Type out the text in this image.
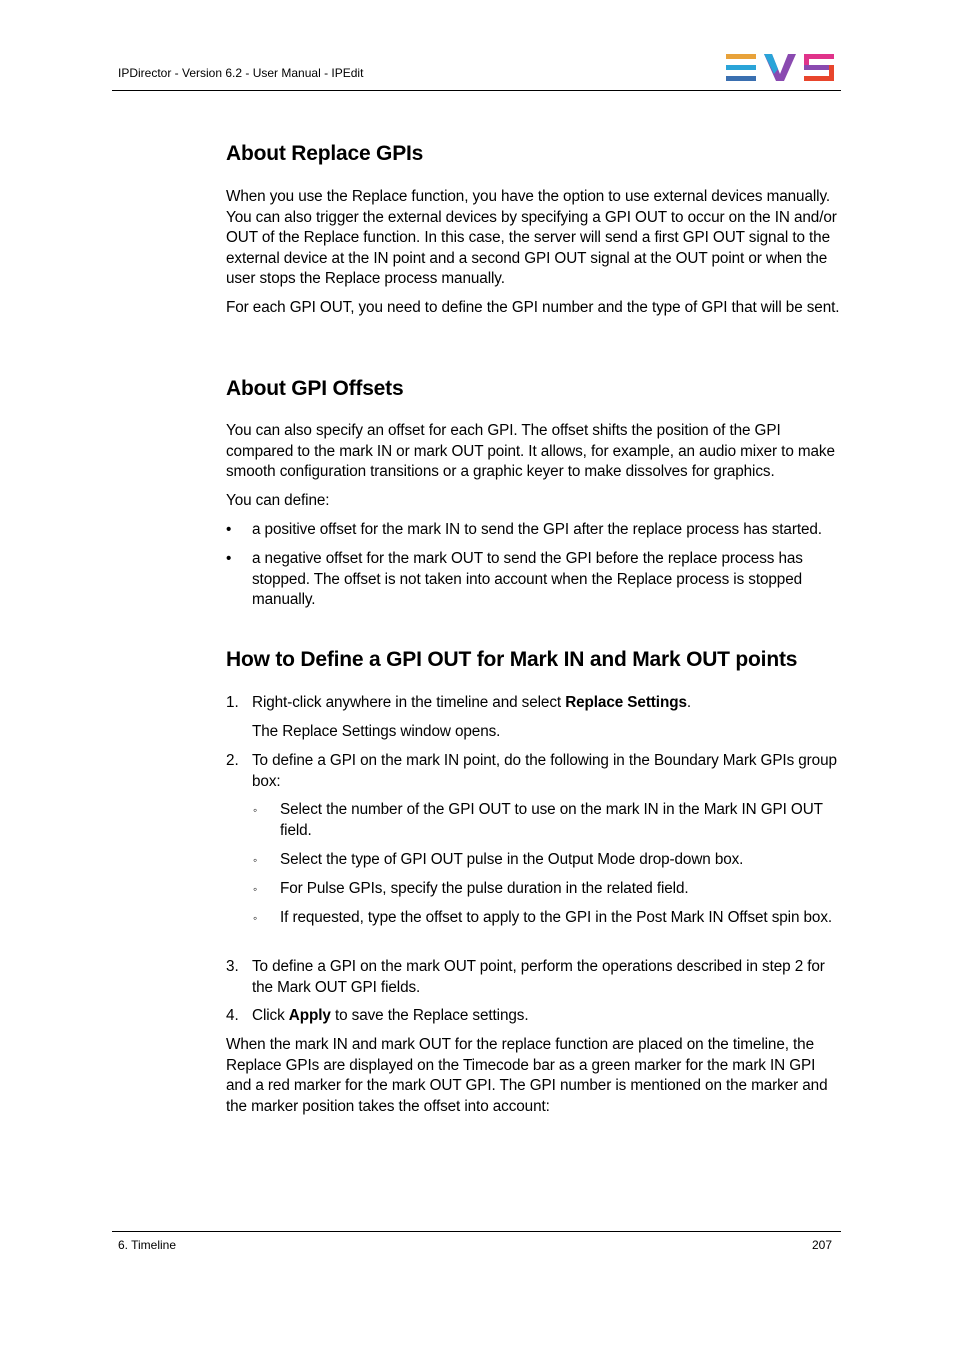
IPDirector - Version 6.2 - User Manual - IPEdit
About Replace GPIs

When you use the Replace function, you have the option to use external devices manually. You can also trigger the external devices by specifying a GPI OUT to occur on the IN and/or OUT of the Replace function. In this case, the server will send a first GPI OUT signal to the external device at the IN point and a second GPI OUT signal at the OUT point or when the user stops the Replace process manually.

For each GPI OUT, you need to define the GPI number and the type of GPI that will be sent.

About GPI Offsets

You can also specify an offset for each GPI. The offset shifts the position of the GPI compared to the mark IN or mark OUT point. It allows, for example, an audio mixer to make smooth configuration transitions or a graphic keyer to make dissolves for graphics.

You can define:

• a positive offset for the mark IN to send the GPI after the replace process has started.
• a negative offset for the mark OUT to send the GPI before the replace process has stopped. The offset is not taken into account when the Replace process is stopped manually.
How to Define a GPI OUT for Mark IN and Mark OUT points
1. Right-click anywhere in the timeline and select Replace Settings.
The Replace Settings window opens.
2. To define a GPI on the mark IN point, do the following in the Boundary Mark GPIs group box:
◦ Select the number of the GPI OUT to use on the mark IN in the Mark IN GPI OUT field.
◦ Select the type of GPI OUT pulse in the Output Mode drop-down box.
◦ For Pulse GPIs, specify the pulse duration in the related field.
◦ If requested, type the offset to apply to the GPI in the Post Mark IN Offset spin box.
3. To define a GPI on the mark OUT point, perform the operations described in step 2 for the Mark OUT GPI fields.
4. Click Apply to save the Replace settings.

When the mark IN and mark OUT for the replace function are placed on the timeline, the Replace GPIs are displayed on the Timecode bar as a green marker for the mark IN GPI and a red marker for the mark OUT GPI. The GPI number is mentioned on the marker and the marker position takes the offset into account:

6. Timeline	207
